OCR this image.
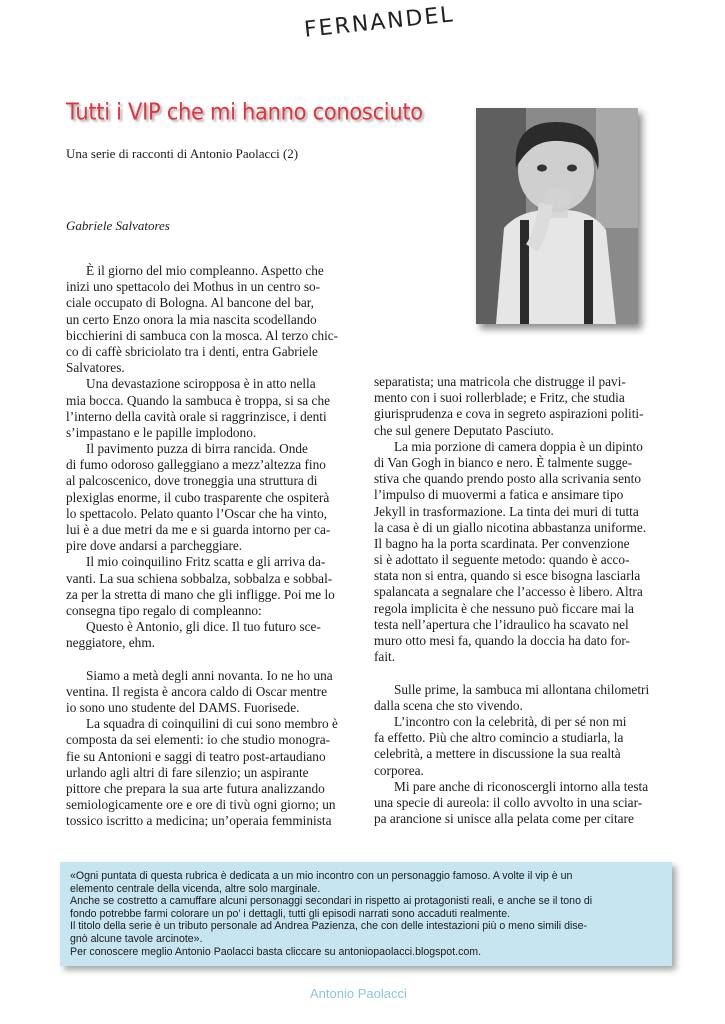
FERNANDEL
Tutti i VIP che mi hanno conosciuto
Una serie di racconti di Antonio Paolacci (2)
Gabriele Salvatores
È il giorno del mio compleanno. Aspetto che
inizi uno spettacolo dei Mothus in un centro so-
ciale occupato di Bologna. Al bancone del bar,
un certo Enzo onora la mia nascita scodellando
bicchierini di sambuca con la mosca. Al terzo chic-
co di caffè sbriciolato tra i denti, entra Gabriele
Salvatores.
Una devastazione sciropposa è in atto nella
mia bocca. Quando la sambuca è troppa, si sa che
l’interno della cavità orale si raggrinzisce, i denti
s’impastano e le papille implodono.
Il pavimento puzza di birra rancida. Onde
di fumo odoroso galleggiano a mezz’altezza fino
al palcoscenico, dove troneggia una struttura di
plexiglas enorme, il cubo trasparente che ospiterà
lo spettacolo. Pelato quanto l’Oscar che ha vinto,
lui è a due metri da me e si guarda intorno per ca-
pire dove andarsi a parcheggiare.
Il mio coinquilino Fritz scatta e gli arriva da-
vanti. La sua schiena sobbalza, sobbalza e sobbal-
za per la stretta di mano che gli infligge. Poi me lo
consegna tipo regalo di compleanno:
Questo è Antonio, gli dice. Il tuo futuro sce-
neggiatore, ehm.
Siamo a metà degli anni novanta. Io ne ho una
ventina. Il regista è ancora caldo di Oscar mentre
io sono uno studente del DAMS. Fuorisede.
La squadra di coinquilini di cui sono membro è
composta da sei elementi: io che studio monogra-
fie su Antonioni e saggi di teatro post-artaudiano
urlando agli altri di fare silenzio; un aspirante
pittore che prepara la sua arte futura analizzando
semiologicamente ore e ore di tivù ogni giorno; un
tossico iscritto a medicina; un’operaia femminista
separatista; una matricola che distrugge il pavi-
mento con i suoi rollerblade; e Fritz, che studia
giurisprudenza e cova in segreto aspirazioni politi-
che sul genere Deputato Pasciuto.
La mia porzione di camera doppia è un dipinto
di Van Gogh in bianco e nero. È talmente sugge-
stiva che quando prendo posto alla scrivania sento
l’impulso di muovermi a fatica e ansimare tipo
Jekyll in trasformazione. La tinta dei muri di tutta
la casa è di un giallo nicotina abbastanza uniforme.
Il bagno ha la porta scardinata. Per convenzione
si è adottato il seguente metodo: quando è acco-
stata non si entra, quando si esce bisogna lasciarla
spalancata a segnalare che l’accesso è libero. Altra
regola implicita è che nessuno può ficcare mai la
testa nell’apertura che l’idraulico ha scavato nel
muro otto mesi fa, quando la doccia ha dato for-
fait.
Sulle prime, la sambuca mi allontana chilometri
dalla scena che sto vivendo.
L’incontro con la celebrità, di per sé non mi
fa effetto. Più che altro comincio a studiarla, la
celebrità, a mettere in discussione la sua realtà
corporea.
Mi pare anche di riconoscergli intorno alla testa
una specie di aureola: il collo avvolto in una sciar-
pa arancione si unisce alla pelata come per citare
«Ogni puntata di questa rubrica è dedicata a un mio incontro con un personaggio famoso. A volte il vip è un
elemento centrale della vicenda, altre solo marginale.
Anche se costretto a camuffare alcuni personaggi secondari in rispetto ai protagonisti reali, e anche se il tono di
fondo potrebbe farmi colorare un po’ i dettagli, tutti gli episodi narrati sono accaduti realmente.
Il titolo della serie è un tributo personale ad Andrea Pazienza, che con delle intestazioni più o meno simili dise-
gnò alcune tavole arcinote».
Per conoscere meglio Antonio Paolacci basta cliccare su antoniopaolacci.blogspot.com.
Antonio Paolacci
